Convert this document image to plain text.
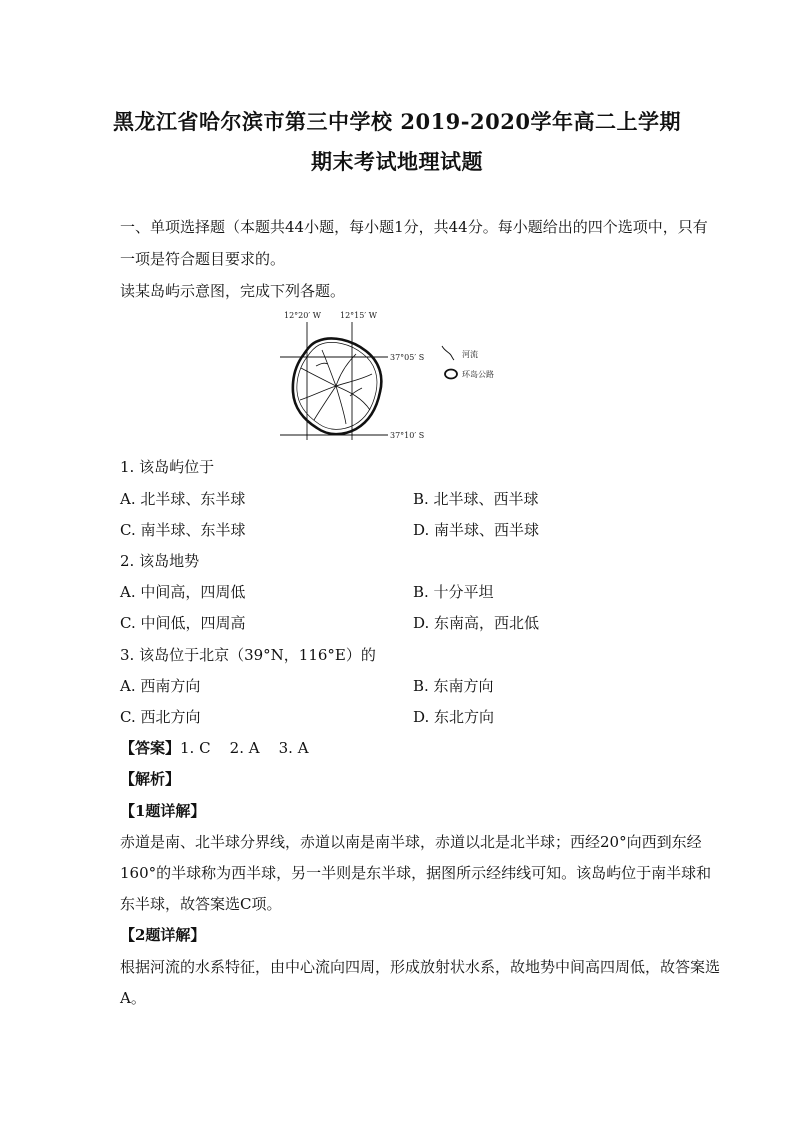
黑龙江省哈尔滨市第三中学校 2019-2020学年高二上学期
期末考试地理试题
一、单项选择题（本题共44小题，每小题1分，共44分。每小题给出的四个选项中，只有
一项是符合题目要求的。
读某岛屿示意图，完成下列各题。
12°20′ W 12°15′ W
37°05′ S
37°10′ S
河流
环岛公路
1. 该岛屿位于
A. 北半球、东半球	B. 北半球、西半球
C. 南半球、东半球	D. 南半球、西半球
2. 该岛地势
A. 中间高，四周低	B. 十分平坦
C. 中间低，四周高	D. 东南高，西北低
3. 该岛位于北京（39°N，116°E）的
A. 西南方向	B. 东南方向
C. 西北方向	D. 东北方向
【答案】1. C    2. A    3. A
【解析】
【1题详解】
赤道是南、北半球分界线，赤道以南是南半球，赤道以北是北半球；西经20°向西到东经
160°的半球称为西半球，另一半则是东半球，据图所示经纬线可知。该岛屿位于南半球和
东半球，故答案选C项。
【2题详解】
根据河流的水系特征，由中心流向四周，形成放射状水系，故地势中间高四周低，故答案选
A。
